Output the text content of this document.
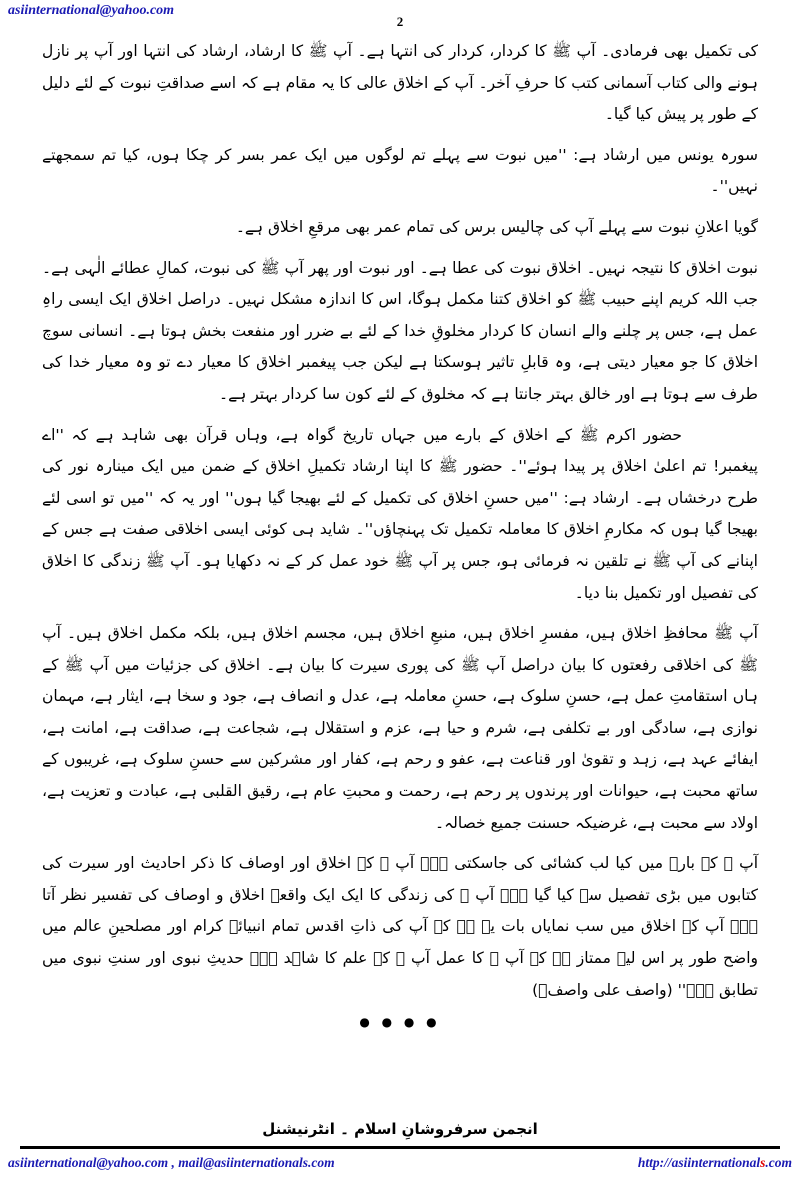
asiinternational@yahoo.com
2

کی تکمیل بھی فرمادی۔ آپ ﷺ کا کردار، کردار کی انتہا ہے۔ آپ ﷺ کا ارشاد، ارشاد کی انتہا اور آپ پر نازل ہونے والی کتاب آسمانی کتب کا حرفِ آخر۔ آپ کے اخلاق عالی کا یہ مقام ہے کہ اسے صداقتِ نبوت کے لئے دلیل کے طور پر پیش کیا گیا۔

سورہ یونس میں ارشاد ہے: ''میں نبوت سے پہلے تم لوگوں میں ایک عمر بسر کر چکا ہوں، کیا تم سمجھتے نہیں''۔

گویا اعلانِ نبوت سے پہلے آپ کی چالیس برس کی تمام عمر بھی مرقعِ اخلاق ہے۔

نبوت اخلاق کا نتیجہ نہیں۔ اخلاق نبوت کی عطا ہے۔ اور نبوت اور پھر آپ ﷺ کی نبوت، کمالِ عطائے الٰہی ہے۔ جب اللہ کریم اپنے حبیب ﷺ کو اخلاق کتنا مکمل ہوگا، اس کا اندازہ مشکل نہیں۔ دراصل اخلاق ایک ایسی راہِ عمل ہے، جس پر چلنے والے انسان کا کردار مخلوقِ خدا کے لئے بے ضرر اور منفعت بخش ہوتا ہے۔ انسانی سوچ اخلاق کا جو معیار دیتی ہے، وہ قابلِ تاثیر ہوسکتا ہے لیکن جب پیغمبر اخلاق کا معیار دے تو وہ معیار خدا کی طرف سے ہوتا ہے اور خالق بہتر جانتا ہے کہ مخلوق کے لئے کون سا کردار بہتر ہے۔

حضور اکرم ﷺ کے اخلاق کے بارے میں جہاں تاریخ گواہ ہے، وہاں قرآن بھی شاہد ہے کہ ''اے پیغمبر! تم اعلیٰ اخلاق پر پیدا ہوئے''۔ حضور ﷺ کا اپنا ارشاد تکمیلِ اخلاق کے ضمن میں ایک مینارہ نور کی طرح درخشاں ہے۔ ارشاد ہے: ''میں حسنِ اخلاق کی تکمیل کے لئے بھیجا گیا ہوں'' اور یہ کہ ''میں تو اسی لئے بھیجا گیا ہوں کہ مکارمِ اخلاق کا معاملہ تکمیل تک پہنچاؤں''۔ شاید ہی کوئی ایسی اخلاقی صفت ہے جس کے اپنانے کی آپ ﷺ نے تلقین نہ فرمائی ہو، جس پر آپ ﷺ خود عمل کر کے نہ دکھایا ہو۔ آپ ﷺ زندگی کا اخلاق کی تفصیل اور تکمیل بنا دیا۔

آپ ﷺ محافظِ اخلاق ہیں، مفسرِ اخلاق ہیں، منبعِ اخلاق ہیں، مجسم اخلاق ہیں، بلکہ مکمل اخلاق ہیں۔ آپ ﷺ کی اخلاقی رفعتوں کا بیان دراصل آپ ﷺ کی پوری سیرت کا بیان ہے۔ اخلاق کی جزئیات میں آپ ﷺ کے ہاں استقامتِ عمل ہے، حسنِ سلوک ہے، حسنِ معاملہ ہے، عدل و انصاف ہے، جود و سخا ہے، ایثار ہے، مہمان نوازی ہے، سادگی اور بے تکلفی ہے، شرم و حیا ہے، عزم و استقلال ہے، شجاعت ہے، صداقت ہے، امانت ہے، ایفائے عہد ہے، زہد و تقویٰ اور قناعت ہے، عفو و رحم ہے، کفار اور مشرکین سے حسنِ سلوک ہے، غریبوں کے ساتھ محبت ہے، حیوانات اور پرندوں پر رحم ہے، رحمت و محبتِ عام ہے، رقیق القلبی ہے، عبادت و تعزیت ہے، اولاد سے محبت ہے، غرضیکہ حسنت جمیع خصالہ۔

آپ ﷺ کے بارے میں کیا لب کشائی کی جاسکتی ہے۔ آپ ﷺ کے اخلاق اور اوصاف کا ذکر احادیث اور سیرت کی کتابوں میں بڑی تفصیل سے کیا گیا ہے۔ آپ ﷺ کی زندگی کا ایک ایک واقعہ اخلاق و اوصاف کی تفسیر نظر آتا ہے۔ آپ کے اخلاق میں سب نمایاں بات یہ ہے کہ آپ کی ذاتِ اقدس تمام انبیائے کرام اور مصلحینِ عالم میں واضح طور پر اس لیے ممتاز ہے کہ آپ ﷺ کا عمل آپ ﷺ کے علم کا شاہد ہے۔ حدیثِ نبوی اور سنتِ نبوی میں تطابق ہے۔'' (واصف علی واصفؒ)

● ● ● ●
انجمن سرفروشانِ اسلام ۔ انٹرنیشنل
asiinternational@yahoo.com , mail@asiinternationals.com	http://asiinternationals.com
